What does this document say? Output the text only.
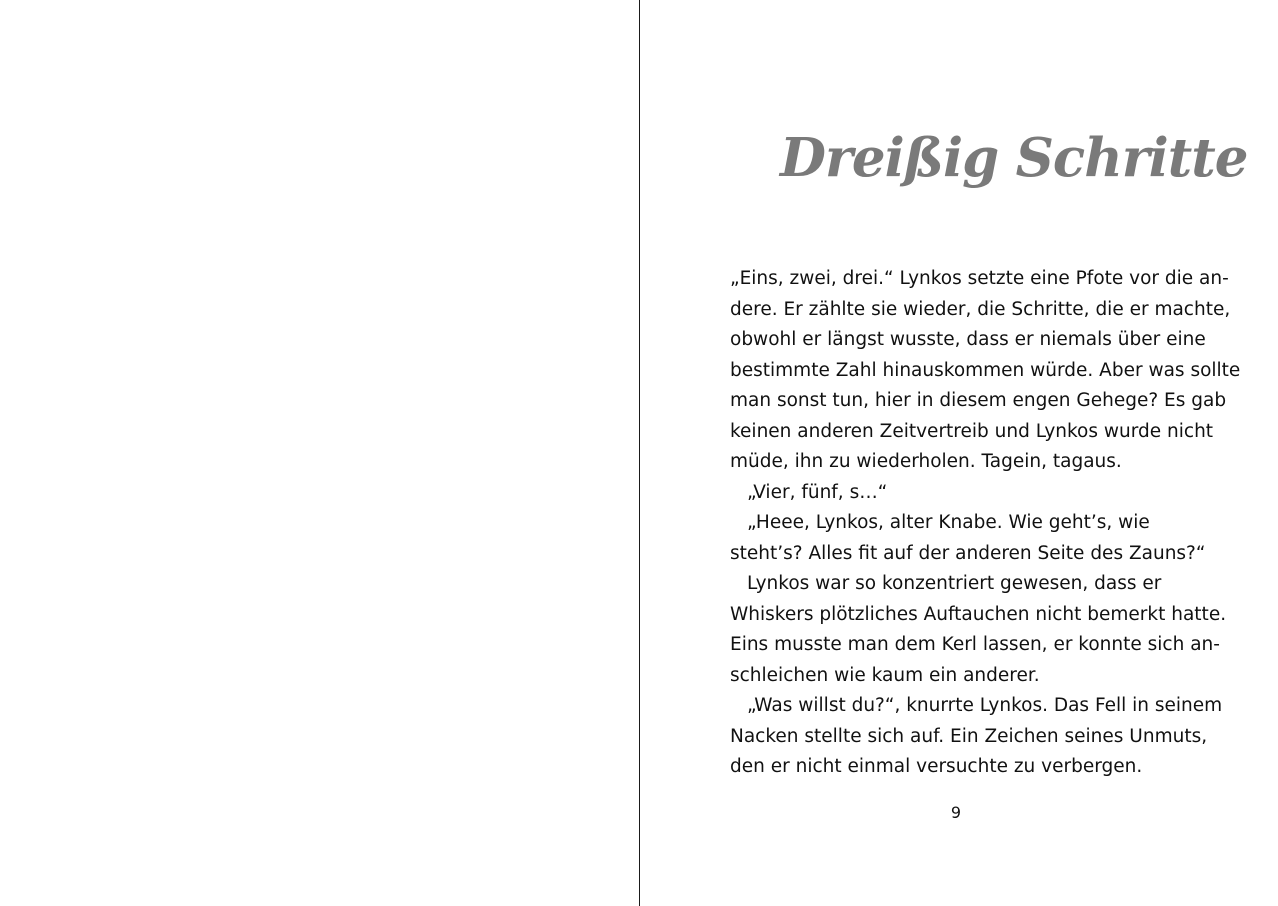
Dreißig Schritte
„Eins, zwei, drei.“ Lynkos setzte eine Pfote vor die an-
dere. Er zählte sie wieder, die Schritte, die er machte,
obwohl er längst wusste, dass er niemals über eine
bestimmte Zahl hinauskommen würde. Aber was sollte
man sonst tun, hier in diesem engen Gehege? Es gab
keinen anderen Zeitvertreib und Lynkos wurde nicht
müde, ihn zu wiederholen. Tagein, tagaus.
„Vier, fünf, s…“
„Heee, Lynkos, alter Knabe. Wie geht’s, wie
steht’s? Alles fit auf der anderen Seite des Zauns?“
Lynkos war so konzentriert gewesen, dass er
Whiskers plötzliches Auftauchen nicht bemerkt hatte.
Eins musste man dem Kerl lassen, er konnte sich an-
schleichen wie kaum ein anderer.
„Was willst du?“, knurrte Lynkos. Das Fell in seinem
Nacken stellte sich auf. Ein Zeichen seines Unmuts,
den er nicht einmal versuchte zu verbergen.
9
